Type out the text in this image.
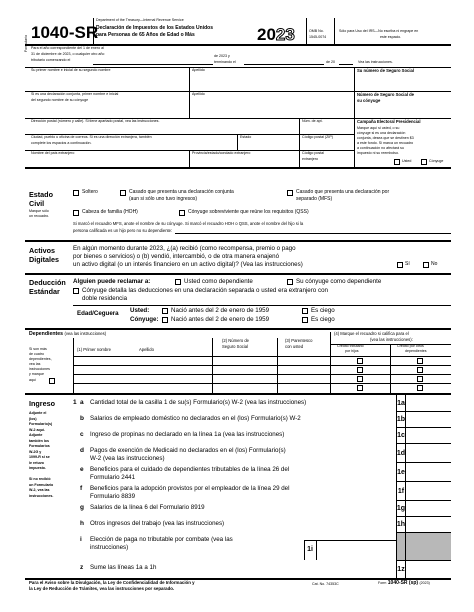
Formulario
1040-SR
Department of the Treasury—Internal Revenue Service
Declaración de Impuestos de los Estados Unidos
para Personas de 65 Años de Edad o Más	2023	OMB No.
1545-0074
Sólo para Uso del IRS—No escriba ni engrape en
este espacio.
Para el año correspondiente del 1 de enero al
31 de diciembre de 2023, o cualquier otro año
tributario comenzando el
de 2023 y
terminando el	de 20	Vea las instrucciones.
Su primer nombre e inicial de su segundo nombre	Apellido	Su número de Seguro Social
Si es una declaración conjunta, primer nombre e inicial
del segundo nombre de su cónyuge
Apellido	Número de Seguro Social de
su cónyuge
Dirección postal (número y calle). Si tiene apartado postal, vea las instrucciones.	Núm. de apt.
Ciudad, pueblo u oficina de correos. Si es una dirección extranjera, también
complete los espacios a continuación.
Estado	Código postal (ZIP)
Nombre del país extranjero	Provincia/estado/condado extranjero	Código postal
extranjero
Campaña Electoral Presidencial
Marque aquí si usted, o su
cónyuge si es una declaración
conjunta, desea que se destinen $3
a este fondo. Si marca un recuadro
a continuación no afectará su
impuesto ni su reembolso.
Usted	Cónyuge
Estado
Civil
Marque sólo
un recuadro.
Soltero	Casado que presenta una declaración conjunta
(aun si sólo uno tuvo ingresos)
Casado que presenta una declaración por
separado (MFS)
Cabeza de familia (HOH)	Cónyuge sobreviviente que reúne los requisitos (QSS)
Si marcó el recuadro MFS, anote el nombre de su cónyuge. Si marcó el recuadro HOH o QSS, anote el nombre del hijo si la
persona calificada es un hijo pero no su dependiente:
Activos
Digitales
En algún momento durante 2023, ¿(a) recibió (como recompensa, premio o pago
por bienes o servicios) o (b) vendió, intercambió, o de otra manera enajenó
un activo digital (o un interés financiero en un activo digital)? (Vea las instrucciones)	Sí	No
Deducción
Estándar
Alguien puede reclamar a:	Usted como dependiente	Su cónyuge como dependiente
Cónyuge detalla las deducciones en una declaración separada o usted era extranjero con
doble residencia
Edad/Ceguera Usted:
Cónyuge:
Nació antes del 2 de enero de 1959	Es ciego
Nació antes del 2 de enero de 1959	Es ciego
Dependientes (vea las instrucciones)
Si son más
de cuatro
dependientes,
vea las
instrucciones
y marque
aquí
(1) Primer nombre	Apellido
(2) Número de
Seguro Social
(3) Parentesco
con usted
(4) Marque el recuadro si califica para el
(vea las instrucciones):
Crédito tributario
por hijos
Crédito por otros
dependientes
Ingreso
Adjunte el
(los)
Formulario(s)
W-2 aquí.
Adjunte
también los
Formularios
W-2G y
1099-R si se
le retuvo
impuesto.
Si no recibió
un Formulario
W-2, vea las
instrucciones.
1 a Cantidad total de la casilla 1 de su(s) Formulario(s) W-2 (vea las instrucciones)	1a
b Salarios de empleado doméstico no declarados en el (los) Formulario(s) W-2	1b
c Ingreso de propinas no declarado en la línea 1a (vea las instrucciones)	1c
d Pagos de exención de Medicaid no declarados en el (los) Formulario(s)
W-2 (vea las instrucciones)
1d
e Beneficios para el cuidado de dependientes tributables de la línea 26 del
Formulario 2441
1e
f Beneficios para la adopción provistos por el empleador de la línea 29 del
Formulario 8839
1f
g Salarios de la línea 6 del Formulario 8919	1g
h Otros ingresos del trabajo (vea las instrucciones)	1h
i Elección de paga no tributable por combate (vea las
instrucciones)	1i
z Sume las líneas 1a a 1h	1z
Para el Aviso sobre la Divulgación, la Ley de Confidencialidad de Información y
la Ley de Reducción de Trámites, vea las instrucciones por separado.
Cat. No. 74353C	Form 1040-SR (sp) (2023)
